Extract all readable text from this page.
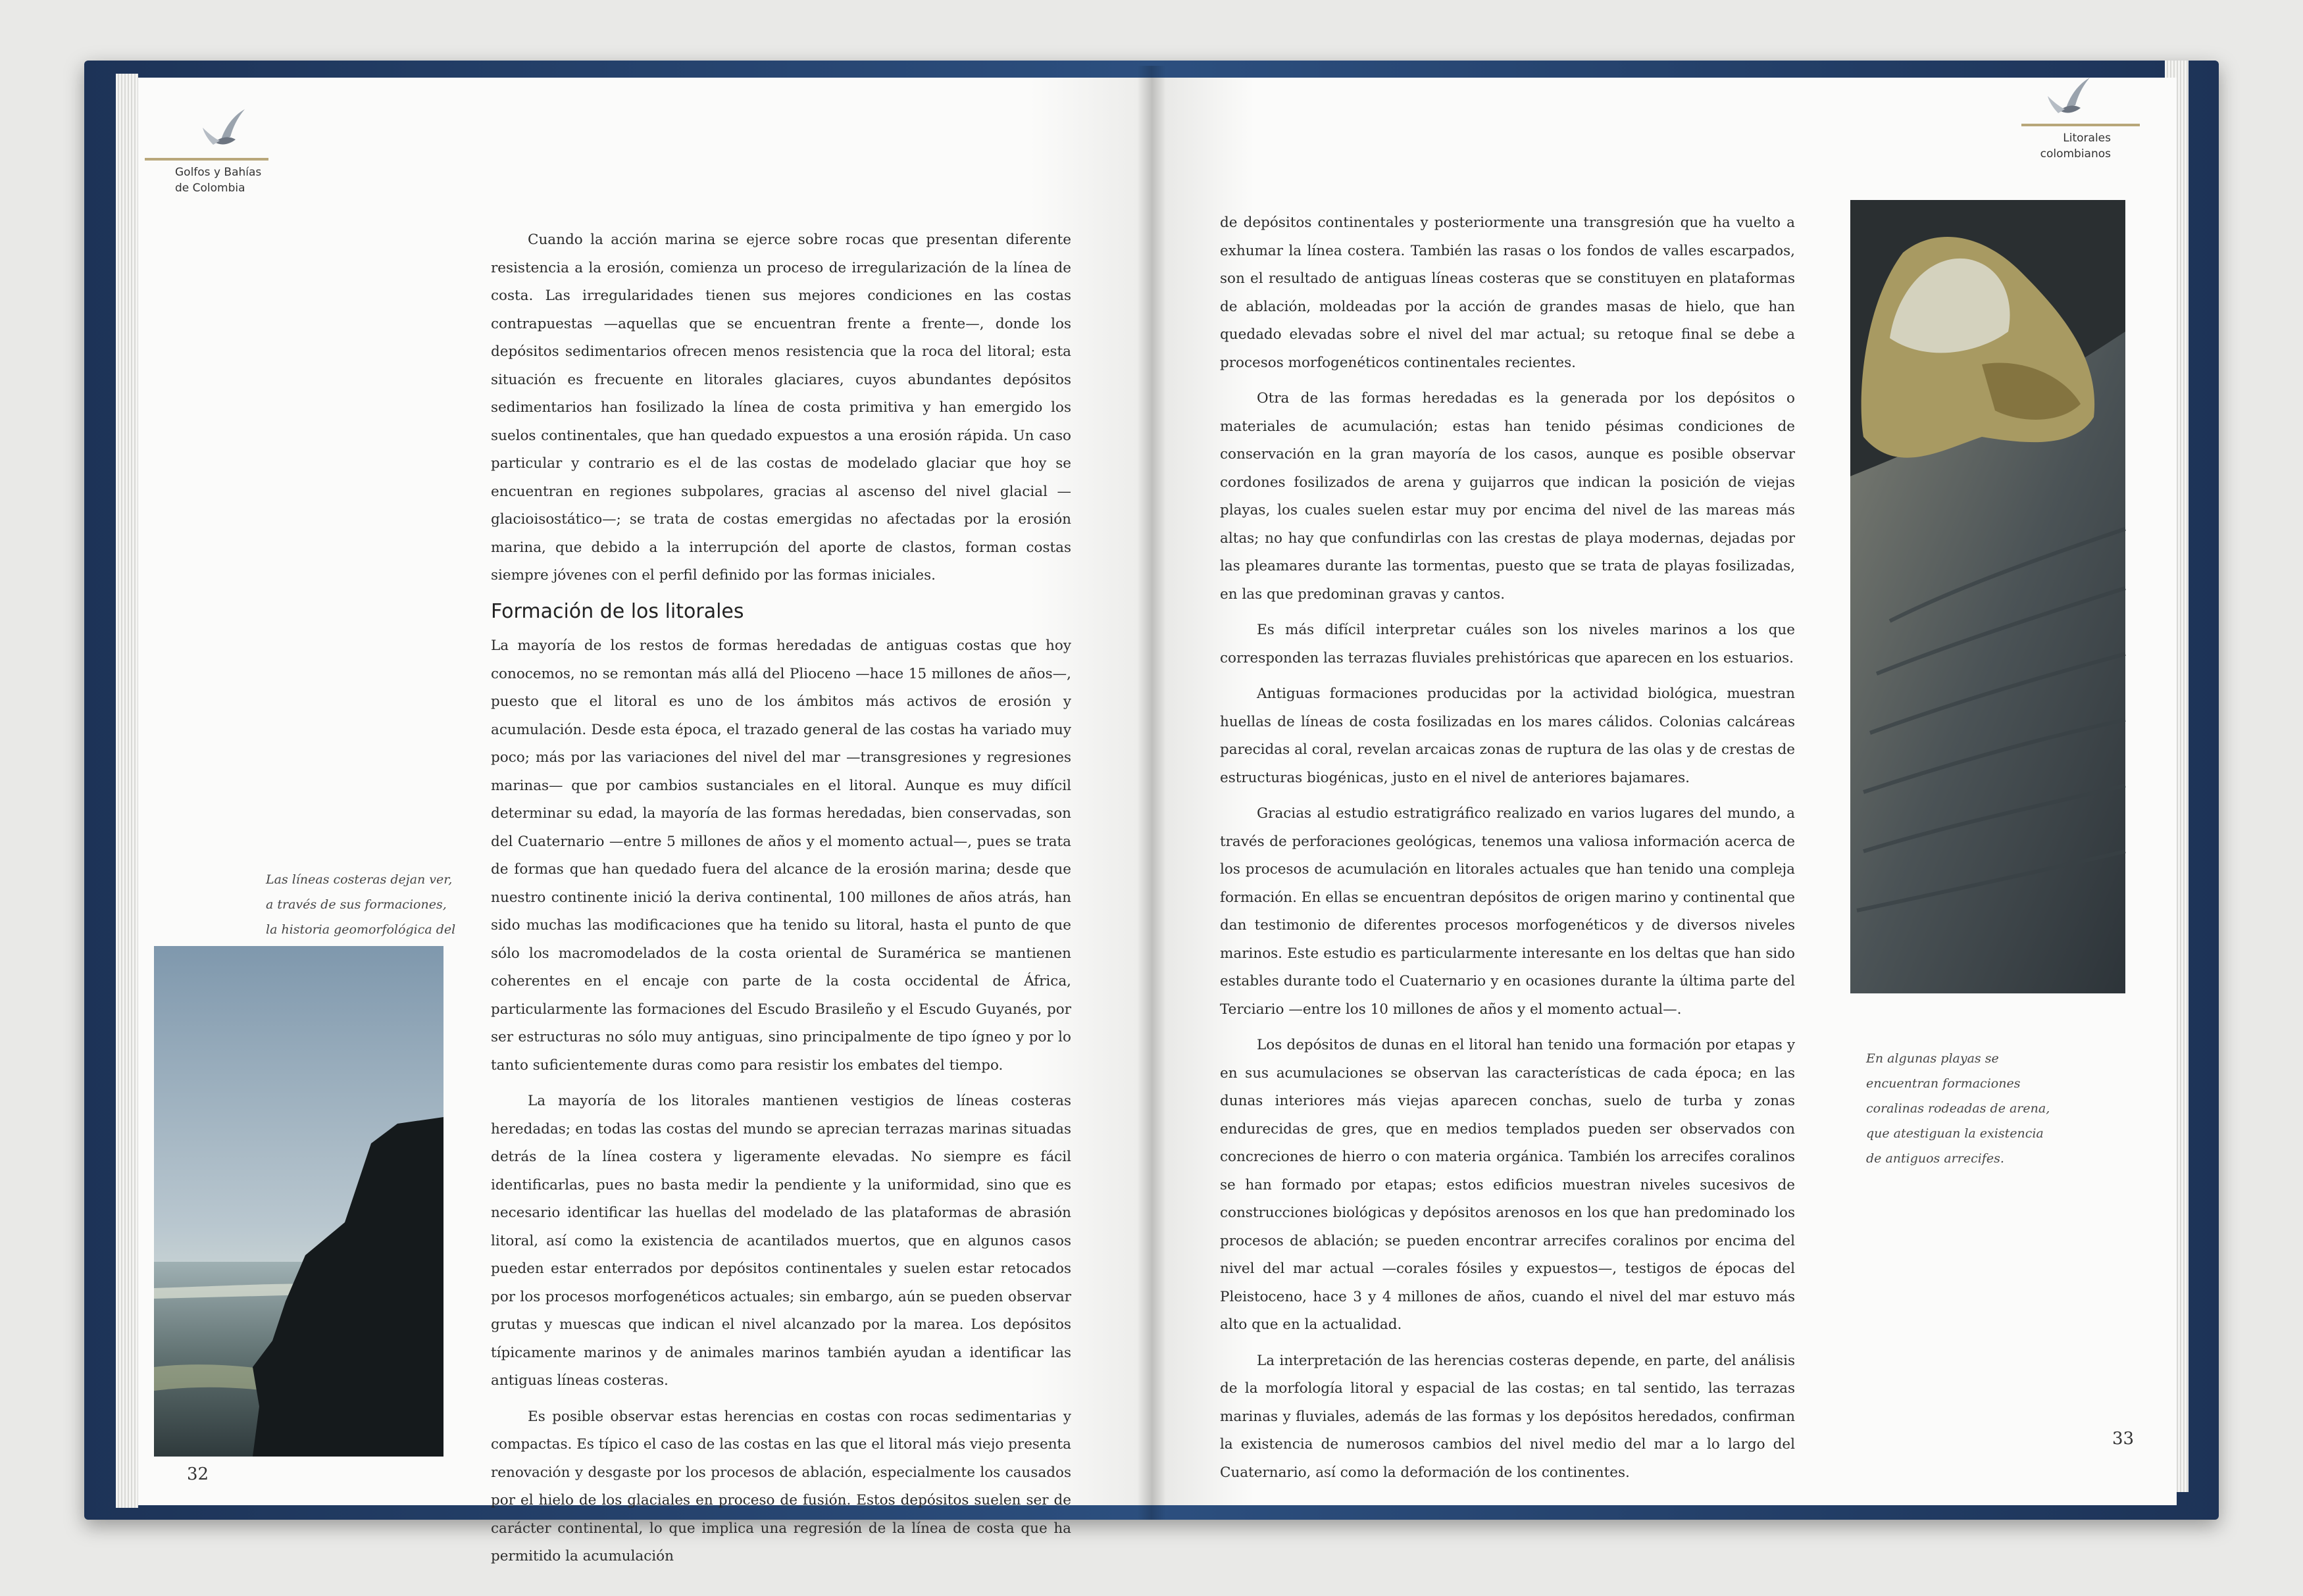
Golfos y Bahías
de Colombia

Cuando la acción marina se ejerce sobre rocas que presentan diferente resistencia a la erosión, comienza un proceso de irregularización de la línea de costa. Las irregularidades tienen sus mejores condiciones en las costas contrapuestas —aquellas que se encuentran frente a frente—, donde los depósitos sedimentarios ofrecen menos resistencia que la roca del litoral; esta situación es frecuente en litorales glaciares, cuyos abundantes depósitos sedimentarios han fosilizado la línea de costa primitiva y han emergido los suelos continentales, que han quedado expuestos a una erosión rápida. Un caso particular y contrario es el de las costas de modelado glaciar que hoy se encuentran en regiones subpolares, gracias al ascenso del nivel glacial —glacioisostático—; se trata de costas emergidas no afectadas por la erosión marina, que debido a la interrupción del aporte de clastos, forman costas siempre jóvenes con el perfil definido por las formas iniciales.

Formación de los litorales

La mayoría de los restos de formas heredadas de antiguas costas que hoy conocemos, no se remontan más allá del Plioceno —hace 15 millones de años—, puesto que el litoral es uno de los ámbitos más activos de erosión y acumulación. Desde esta época, el trazado general de las costas ha variado muy poco; más por las variaciones del nivel del mar —transgresiones y regresiones marinas— que por cambios sustanciales en el litoral. Aunque es muy difícil determinar su edad, la mayoría de las formas heredadas, bien conservadas, son del Cuaternario —entre 5 millones de años y el momento actual—, pues se trata de formas que han quedado fuera del alcance de la erosión marina; desde que nuestro continente inició la deriva continental, 100 millones de años atrás, han sido muchas las modificaciones que ha tenido su litoral, hasta el punto de que sólo los macromodelados de la costa oriental de Suramérica se mantienen coherentes en el encaje con parte de la costa occidental de África, particularmente las formaciones del Escudo Brasileño y el Escudo Guyanés, por ser estructuras no sólo muy antiguas, sino principalmente de tipo ígneo y por lo tanto suficientemente duras como para resistir los embates del tiempo.

La mayoría de los litorales mantienen vestigios de líneas costeras heredadas; en todas las costas del mundo se aprecian terrazas marinas situadas detrás de la línea costera y ligeramente elevadas. No siempre es fácil identificarlas, pues no basta medir la pendiente y la uniformidad, sino que es necesario identificar las huellas del modelado de las plataformas de abrasión litoral, así como la existencia de acantilados muertos, que en algunos casos pueden estar enterrados por depósitos continentales y suelen estar retocados por los procesos morfogenéticos actuales; sin embargo, aún se pueden observar grutas y muescas que indican el nivel alcanzado por la marea. Los depósitos típicamente marinos y de animales marinos también ayudan a identificar las antiguas líneas costeras.

Es posible observar estas herencias en costas con rocas sedimentarias y compactas. Es típico el caso de las costas en las que el litoral más viejo presenta renovación y desgaste por los procesos de ablación, especialmente los causados por el hielo de los glaciales en proceso de fusión. Estos depósitos suelen ser de carácter continental, lo que implica una regresión de la línea de costa que ha permitido la acumulación

Las líneas costeras dejan ver,
a través de sus formaciones,
la historia geomorfológica del
32
Litorales
colombianos

de depósitos continentales y posteriormente una transgresión que ha vuelto a exhumar la línea costera. También las rasas o los fondos de valles escarpados, son el resultado de antiguas líneas costeras que se constituyen en plataformas de ablación, moldeadas por la acción de grandes masas de hielo, que han quedado elevadas sobre el nivel del mar actual; su retoque final se debe a procesos morfogenéticos continentales recientes.

Otra de las formas heredadas es la generada por los depósitos o materiales de acumulación; estas han tenido pésimas condiciones de conservación en la gran mayoría de los casos, aunque es posible observar cordones fosilizados de arena y guijarros que indican la posición de viejas playas, los cuales suelen estar muy por encima del nivel de las mareas más altas; no hay que confundirlas con las crestas de playa modernas, dejadas por las pleamares durante las tormentas, puesto que se trata de playas fosilizadas, en las que predominan gravas y cantos.

Es más difícil interpretar cuáles son los niveles marinos a los que corresponden las terrazas fluviales prehistóricas que aparecen en los estuarios.

Antiguas formaciones producidas por la actividad biológica, muestran huellas de líneas de costa fosilizadas en los mares cálidos. Colonias calcáreas parecidas al coral, revelan arcaicas zonas de ruptura de las olas y de crestas de estructuras biogénicas, justo en el nivel de anteriores bajamares.

Gracias al estudio estratigráfico realizado en varios lugares del mundo, a través de perforaciones geológicas, tenemos una valiosa información acerca de los procesos de acumulación en litorales actuales que han tenido una compleja formación. En ellas se encuentran depósitos de origen marino y continental que dan testimonio de diferentes procesos morfogenéticos y de diversos niveles marinos. Este estudio es particularmente interesante en los deltas que han sido estables durante todo el Cuaternario y en ocasiones durante la última parte del Terciario —entre los 10 millones de años y el momento actual—.

Los depósitos de dunas en el litoral han tenido una formación por etapas y en sus acumulaciones se observan las características de cada época; en las dunas interiores más viejas aparecen conchas, suelo de turba y zonas endurecidas de gres, que en medios templados pueden ser observados con concreciones de hierro o con materia orgánica. También los arrecifes coralinos se han formado por etapas; estos edificios muestran niveles sucesivos de construcciones biológicas y depósitos arenosos en los que han predominado los procesos de ablación; se pueden encontrar arrecifes coralinos por encima del nivel del mar actual —corales fósiles y expuestos—, testigos de épocas del Pleistoceno, hace 3 y 4 millones de años, cuando el nivel del mar estuvo más alto que en la actualidad.

La interpretación de las herencias costeras depende, en parte, del análisis de la morfología litoral y espacial de las costas; en tal sentido, las terrazas marinas y fluviales, además de las formas y los depósitos heredados, confirman la existencia de numerosos cambios del nivel medio del mar a lo largo del Cuaternario, así como la deformación de los continentes.

En algunas playas se
encuentran formaciones
coralinas rodeadas de arena,
que atestiguan la existencia
de antiguos arrecifes.
33
